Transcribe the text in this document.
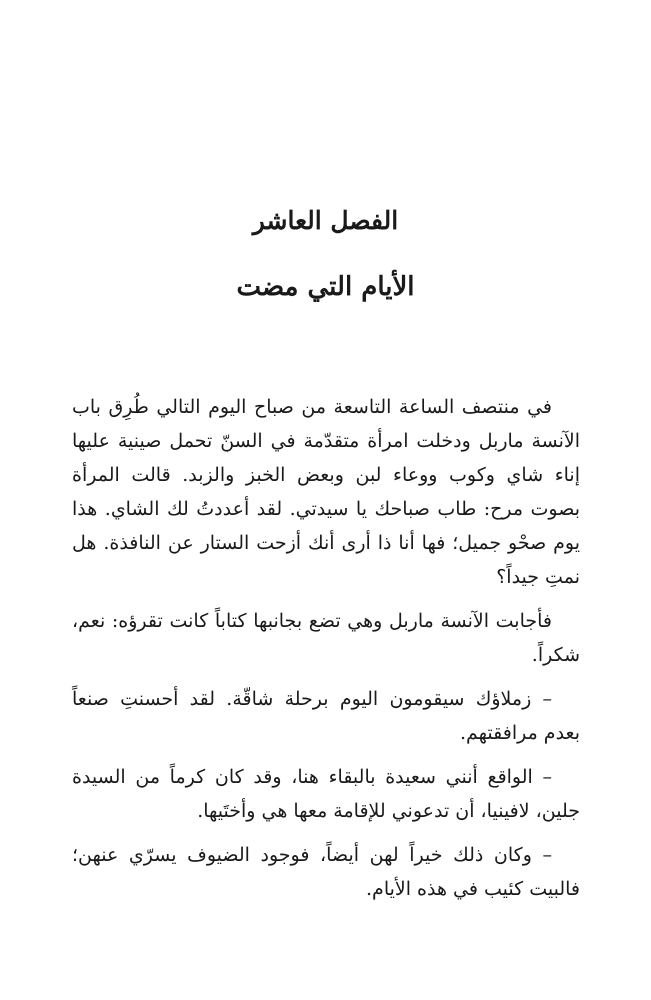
الفصل العاشر
الأيام التي مضت

في منتصف الساعة التاسعة من صباح اليوم التالي طُرِق باب الآنسة ماربل ودخلت امرأة متقدّمة في السنّ تحمل صينية عليها إناء شاي وكوب ووعاء لبن وبعض الخبز والزبد. قالت المرأة بصوت مرح: طاب صباحك يا سيدتي. لقد أعددتُ لك الشاي. هذا يوم صحْو جميل؛ فها أنا ذا أرى أنك أزحت الستار عن النافذة. هل نمتِ جيداً؟

فأجابت الآنسة ماربل وهي تضع بجانبها كتاباً كانت تقرؤه: نعم، شكراً.

– زملاؤك سيقومون اليوم برحلة شاقّة. لقد أحسنتِ صنعاً بعدم مرافقتهم.

– الواقع أنني سعيدة بالبقاء هنا، وقد كان كرماً من السيدة جلين، لافينيا، أن تدعوني للإقامة معها هي وأختَيها.

– وكان ذلك خيراً لهن أيضاً، فوجود الضيوف يسرّي عنهن؛ فالبيت كئيب في هذه الأيام.
